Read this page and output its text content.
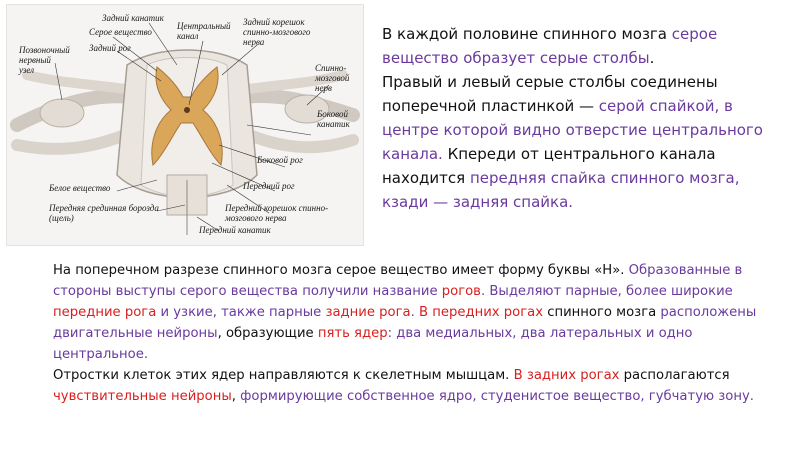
Задний канатик
Серое вещество
Задний рог
Центральный
канал
Задний корешок
спинно-мозгового
нерва
Позвоночный
нервный
узел	Спинно-
мозговой
нерв
Боковой
канатик
Боковой рог
Передний рог
Белое вещество
Передняя срединная борозда
(щель)
Передний корешок спинно-
мозгового нерва
Передний канатик
В каждой половине спинного мозга серое вещество образует серые столбы.
Правый и левый серые столбы соединены поперечной пластинкой — серой спайкой, в центре которой видно отверстие центрального канала. Кпереди от центрального канала находится передняя спайка спинного мозга, кзади — задняя спайка.
На поперечном разрезе спинного мозга серое вещество имеет форму буквы «Н». Образованные в стороны выступы серого вещества получили название рогов. Выделяют парные, более широкие передние рога и узкие, также парные задние рога. В передних рогах спинного мозга расположены двигательные нейроны, образующие пять ядер: два медиальных, два латеральных и одно центральное.
Отростки клеток этих ядер направляются к скелетным мышцам. В задних рогах располагаются чувствительные нейроны, формирующие собственное ядро, студенистое вещество, губчатую зону.
